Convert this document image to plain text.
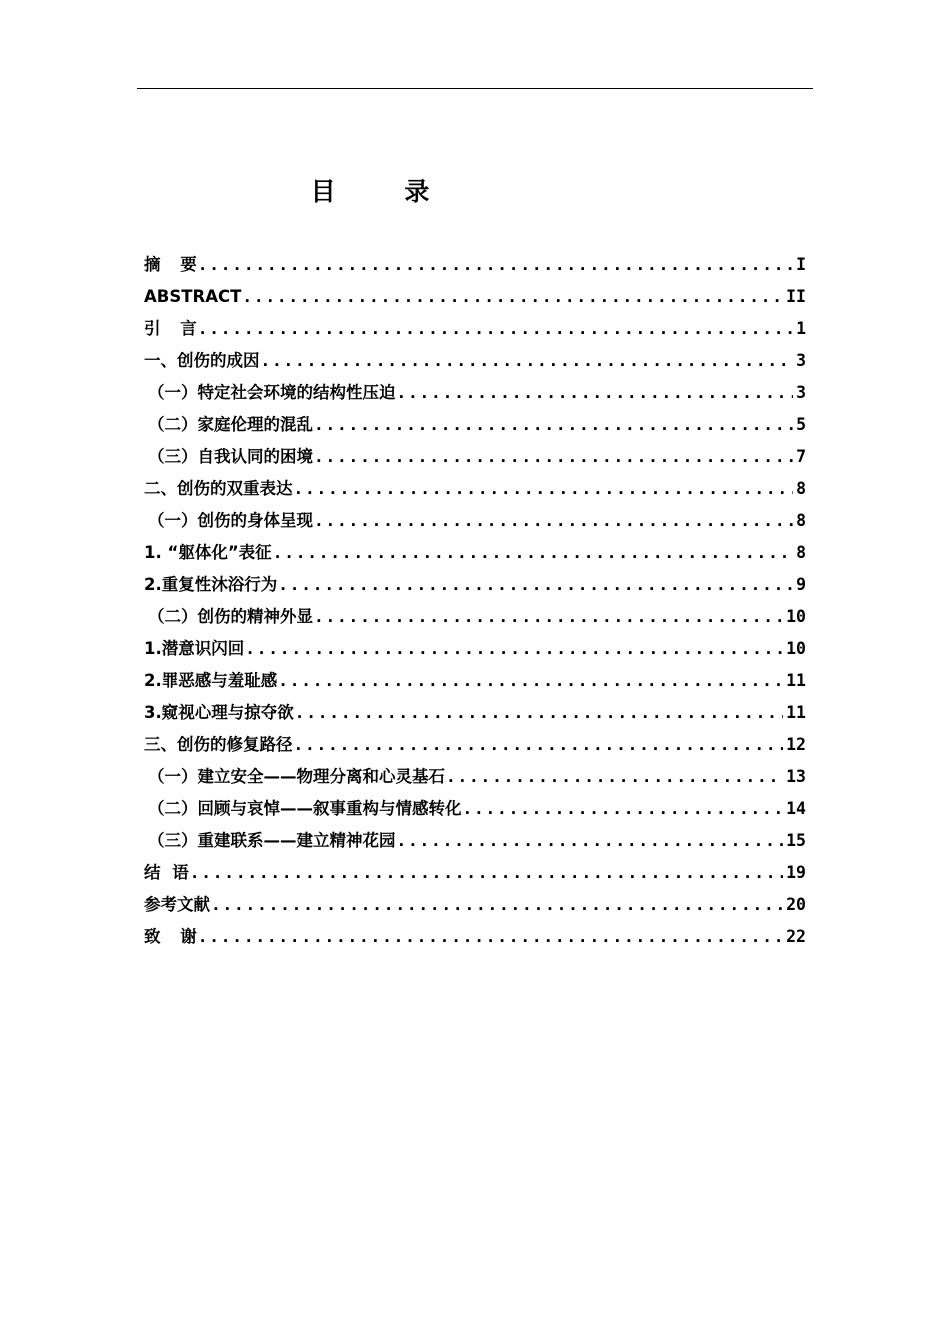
目 录
摘 要 . . .	I
ABSTRACT . . .	II
引 言 . . .	1
一、创伤的成因 . . .	3
（一）特定社会环境的结构性压迫 . . .	3
（二）家庭伦理的混乱 . . .	5
（三）自我认同的困境 . . .	7
二、创伤的双重表达 . . .	8
（一）创伤的身体呈现 . . .	8
1. “躯体化”表征 . . .	8
2.重复性沐浴行为 . . .	9
（二）创伤的精神外显 . . .	10
1.潜意识闪回 . . .	10
2.罪恶感与羞耻感 . . .	11
3.窥视心理与掠夺欲 . . .	11
三、创伤的修复路径 . . .	12
（一）建立安全——物理分离和心灵基石 . . .	13
（二）回顾与哀悼——叙事重构与情感转化 . . .	14
（三）重建联系——建立精神花园 . . .	15
结 语 . . .	19
参考文献 . . .	20
致 谢 . . .	22
